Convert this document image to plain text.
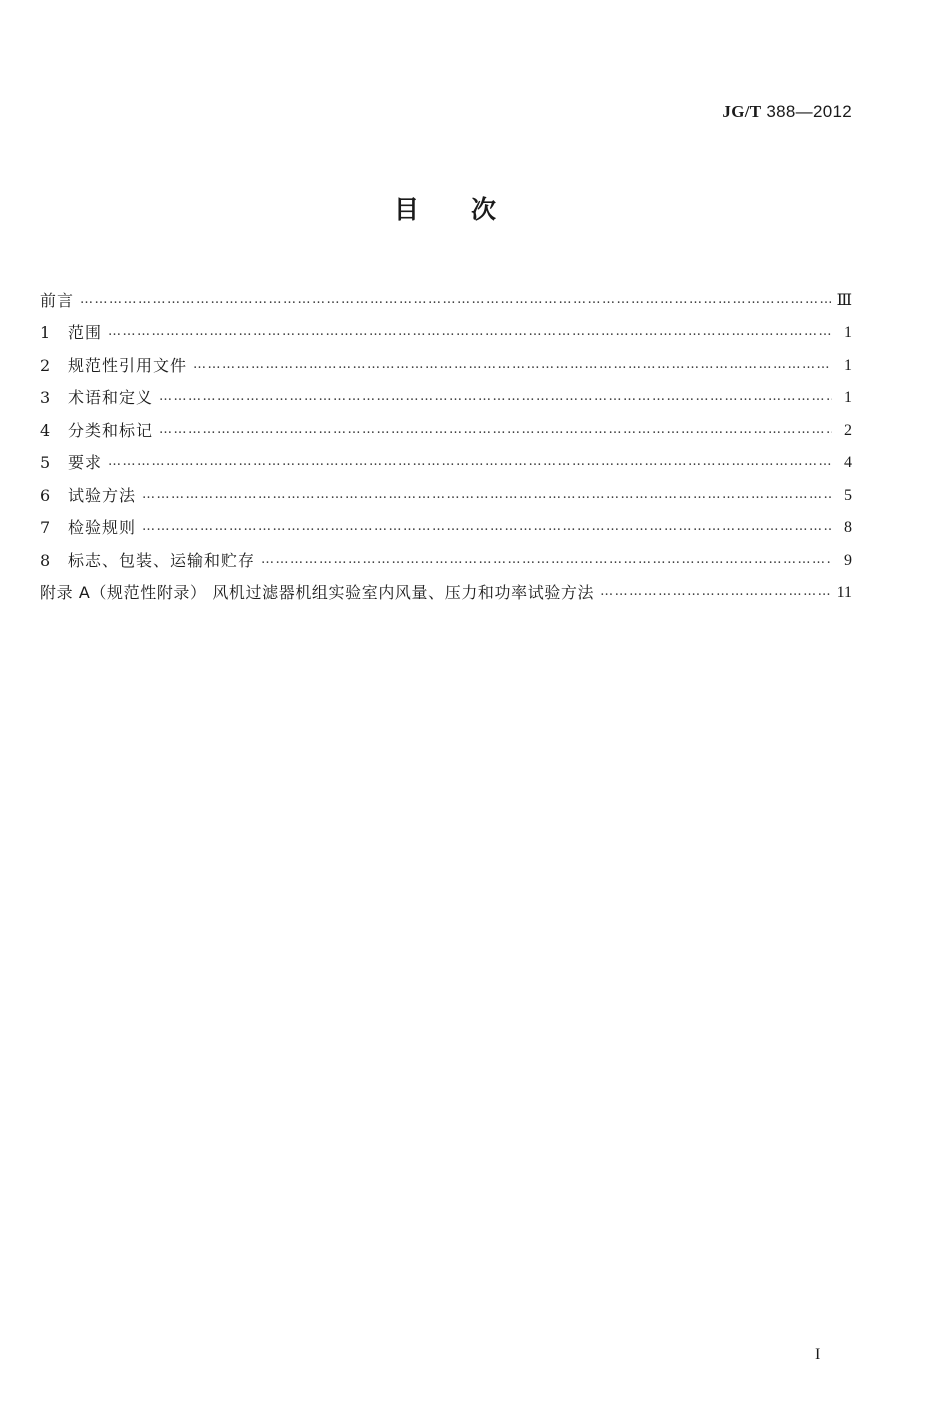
JG/T 388—2012
目次
前言 ……………………………………………………………………………………………………………………………………………………………………	Ⅲ
1	范围 ……………………………………………………………………………………………………………………………………………………………………	1
2	规范性引用文件 ……………………………………………………………………………………………………………………………………………………………………	1
3	术语和定义 ……………………………………………………………………………………………………………………………………………………………………	1
4	分类和标记 ……………………………………………………………………………………………………………………………………………………………………	2
5	要求 ……………………………………………………………………………………………………………………………………………………………………	4
6	试验方法 ……………………………………………………………………………………………………………………………………………………………………	5
7	检验规则 ……………………………………………………………………………………………………………………………………………………………………	8
8	标志、包装、运输和贮存 ……………………………………………………………………………………………………………………………………………………………………	9
附录 A（规范性附录） 风机过滤器机组实验室内风量、压力和功率试验方法 ……………………………………………………………………………………………………………………………………………………………………	11
I
